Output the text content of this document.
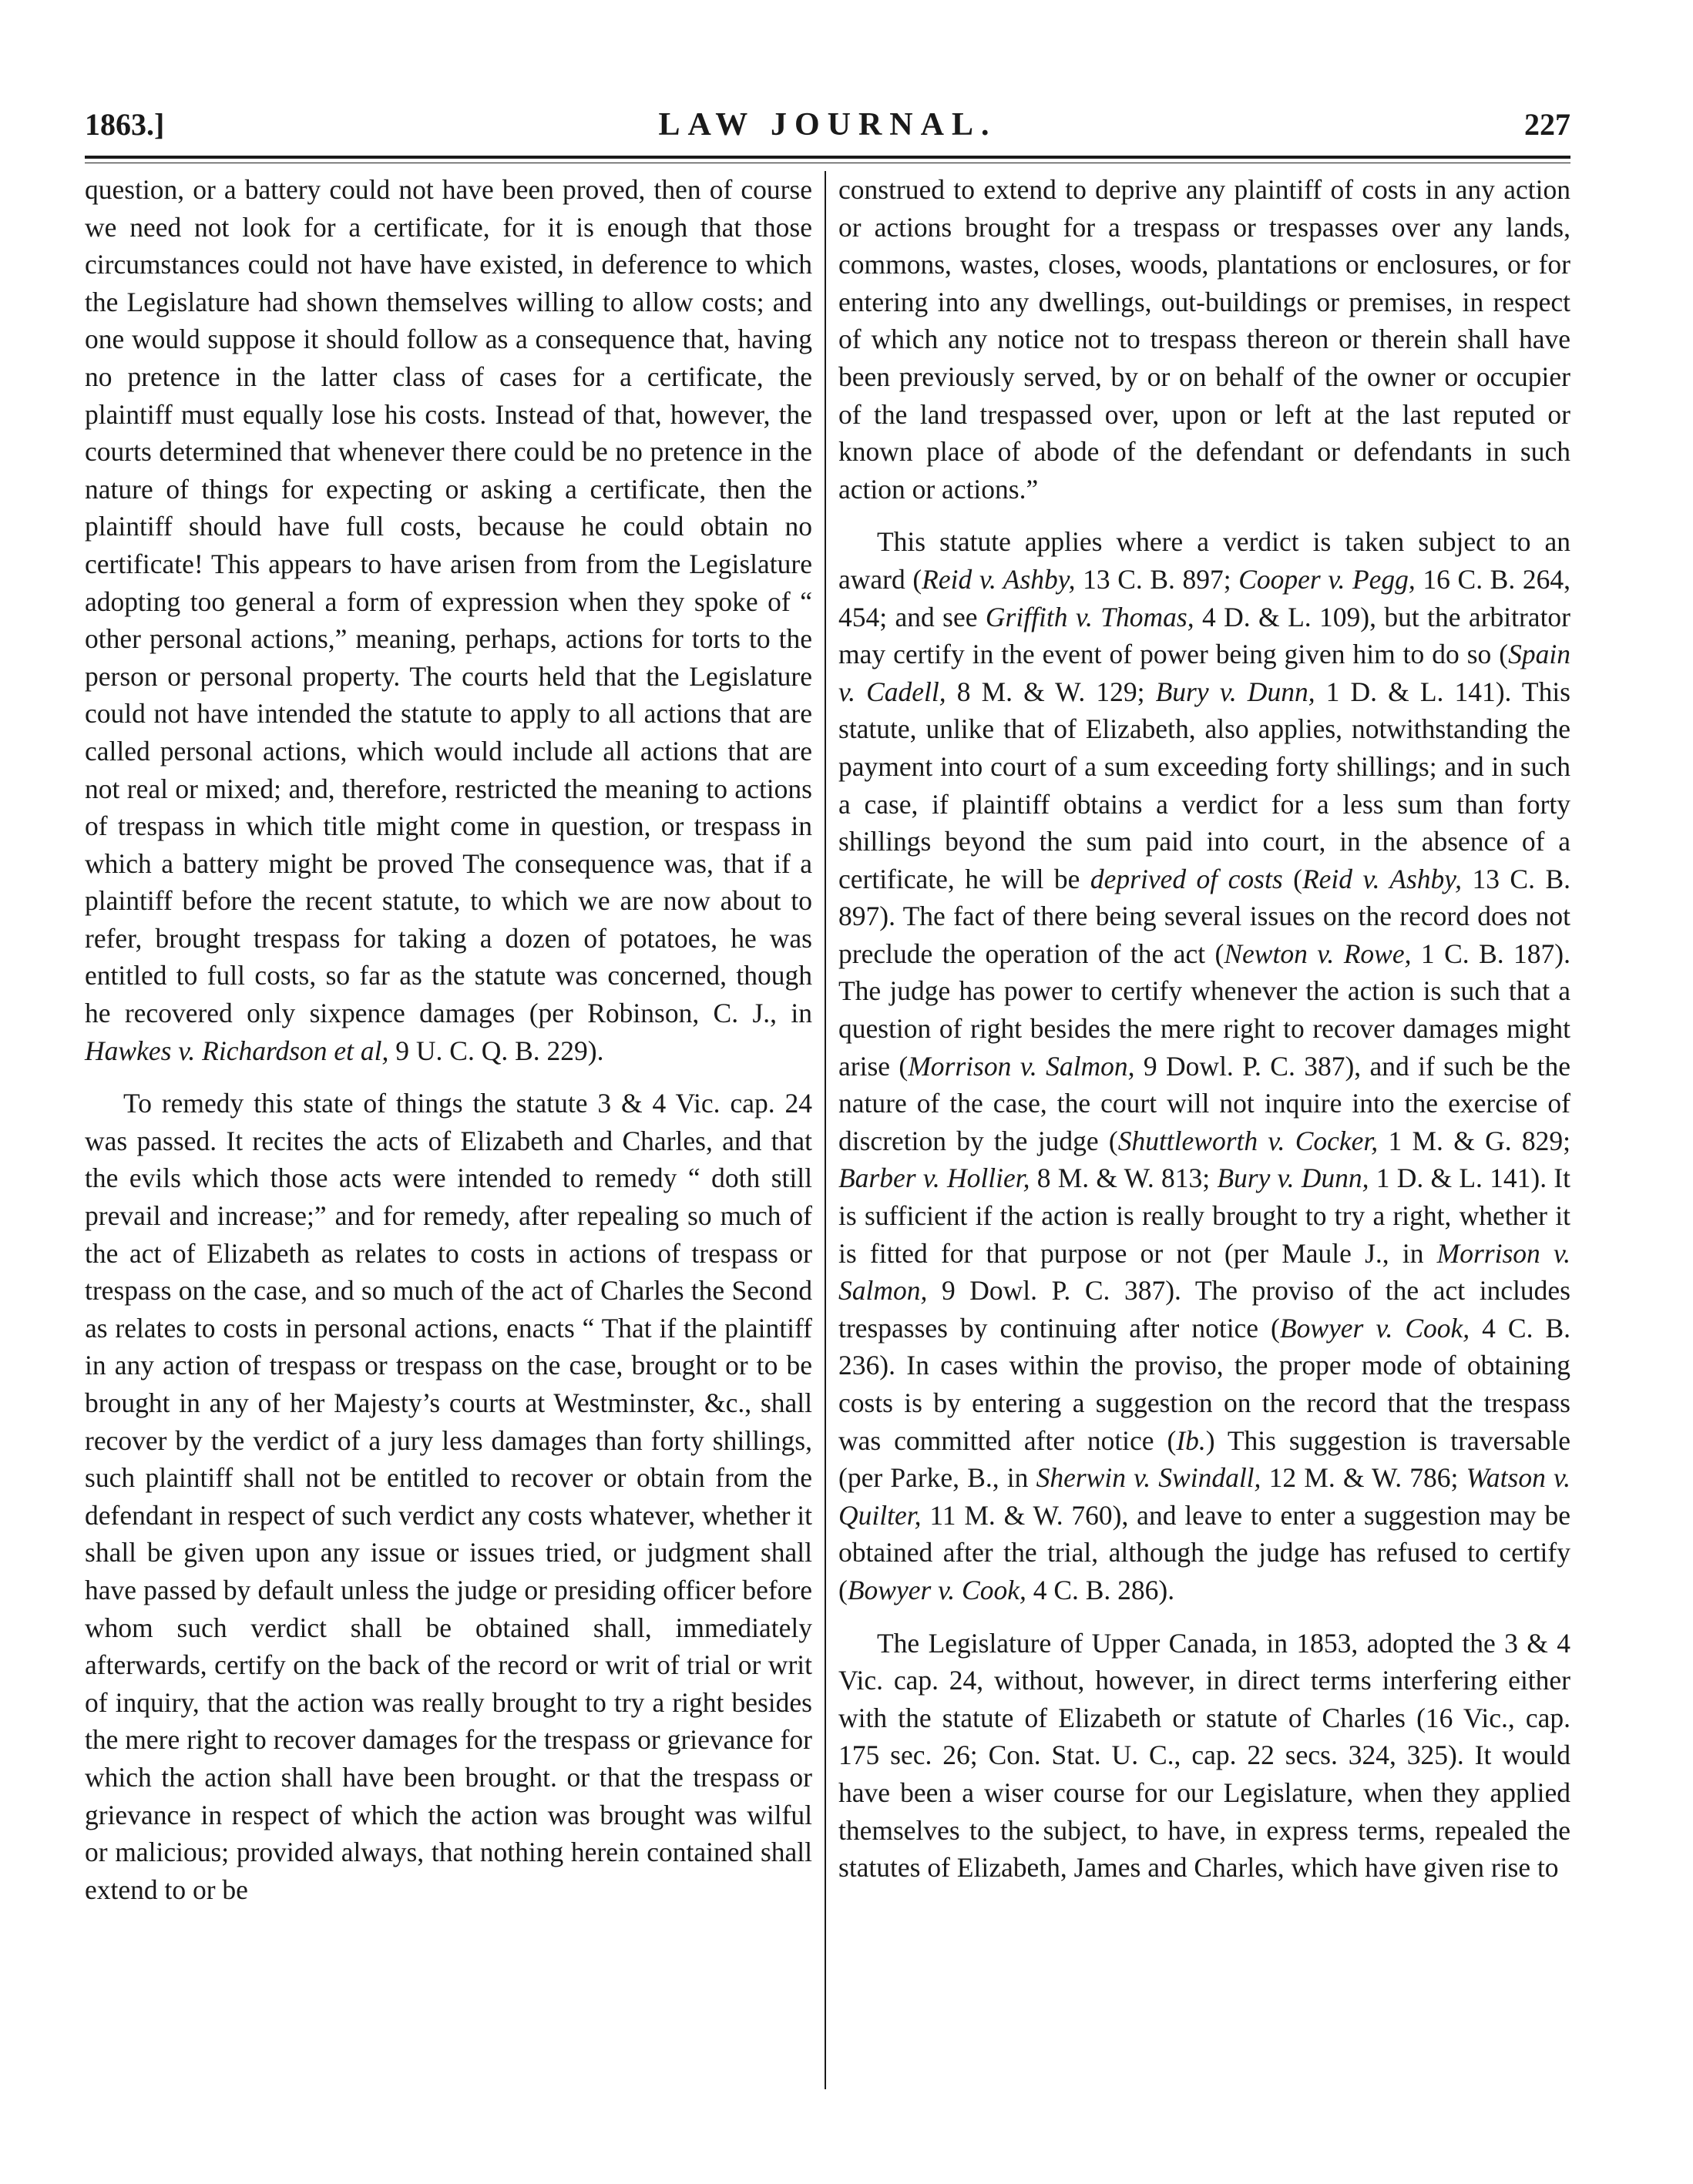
1863.]	LAW JOURNAL.	227

question, or a battery could not have been proved, then of course we need not look for a certificate, for it is enough that those circumstances could not have have existed, in deference to which the Legislature had shown themselves willing to allow costs; and one would suppose it should follow as a consequence that, having no pretence in the latter class of cases for a certificate, the plaintiff must equally lose his costs. Instead of that, however, the courts determined that whenever there could be no pretence in the nature of things for expecting or asking a certificate, then the plaintiff should have full costs, because he could obtain no certificate! This appears to have arisen from from the Legislature adopting too general a form of expression when they spoke of “ other personal actions,” meaning, perhaps, actions for torts to the person or personal property. The courts held that the Legislature could not have intended the statute to apply to all actions that are called personal actions, which would include all actions that are not real or mixed; and, therefore, restricted the meaning to actions of trespass in which title might come in question, or trespass in which a battery might be proved The consequence was, that if a plaintiff before the recent statute, to which we are now about to refer, brought trespass for taking a dozen of potatoes, he was entitled to full costs, so far as the statute was concerned, though he recovered only sixpence damages (per Robinson, C. J., in Hawkes v. Richardson et al, 9 U. C. Q. B. 229).

To remedy this state of things the statute 3 & 4 Vic. cap. 24 was passed. It recites the acts of Elizabeth and Charles, and that the evils which those acts were intended to remedy “ doth still prevail and increase;” and for remedy, after repealing so much of the act of Elizabeth as relates to costs in actions of trespass or trespass on the case, and so much of the act of Charles the Second as relates to costs in personal actions, enacts “ That if the plaintiff in any action of trespass or trespass on the case, brought or to be brought in any of her Majesty’s courts at Westminster, &c., shall recover by the verdict of a jury less damages than forty shillings, such plaintiff shall not be entitled to recover or obtain from the defendant in respect of such verdict any costs whatever, whether it shall be given upon any issue or issues tried, or judgment shall have passed by default unless the judge or presiding officer before whom such verdict shall be obtained shall, immediately afterwards, certify on the back of the record or writ of trial or writ of inquiry, that the action was really brought to try a right besides the mere right to recover damages for the trespass or grievance for which the action shall have been brought. or that the trespass or grievance in respect of which the action was brought was wilful or malicious; provided always, that nothing herein contained shall extend to or be

construed to extend to deprive any plaintiff of costs in any action or actions brought for a trespass or trespasses over any lands, commons, wastes, closes, woods, plantations or enclosures, or for entering into any dwellings, out-buildings or premises, in respect of which any notice not to trespass thereon or therein shall have been previously served, by or on behalf of the owner or occupier of the land trespassed over, upon or left at the last reputed or known place of abode of the defendant or defendants in such action or actions.”

This statute applies where a verdict is taken subject to an award (Reid v. Ashby, 13 C. B. 897; Cooper v. Pegg, 16 C. B. 264, 454; and see Griffith v. Thomas, 4 D. & L. 109), but the arbitrator may certify in the event of power being given him to do so (Spain v. Cadell, 8 M. & W. 129; Bury v. Dunn, 1 D. & L. 141). This statute, unlike that of Elizabeth, also applies, notwithstanding the payment into court of a sum exceeding forty shillings; and in such a case, if plaintiff obtains a verdict for a less sum than forty shillings beyond the sum paid into court, in the absence of a certificate, he will be deprived of costs (Reid v. Ashby, 13 C. B. 897). The fact of there being several issues on the record does not preclude the operation of the act (Newton v. Rowe, 1 C. B. 187). The judge has power to certify whenever the action is such that a question of right besides the mere right to recover damages might arise (Morrison v. Salmon, 9 Dowl. P. C. 387), and if such be the nature of the case, the court will not inquire into the exercise of discretion by the judge (Shuttleworth v. Cocker, 1 M. & G. 829; Barber v. Hollier, 8 M. & W. 813; Bury v. Dunn, 1 D. & L. 141). It is sufficient if the action is really brought to try a right, whether it is fitted for that purpose or not (per Maule J., in Morrison v. Salmon, 9 Dowl. P. C. 387). The proviso of the act includes trespasses by continuing after notice (Bowyer v. Cook, 4 C. B. 236). In cases within the proviso, the proper mode of obtaining costs is by entering a suggestion on the record that the trespass was committed after notice (Ib.) This suggestion is traversable (per Parke, B., in Sherwin v. Swindall, 12 M. & W. 786; Watson v. Quilter, 11 M. & W. 760), and leave to enter a suggestion may be obtained after the trial, although the judge has refused to certify (Bowyer v. Cook, 4 C. B. 286).

The Legislature of Upper Canada, in 1853, adopted the 3 & 4 Vic. cap. 24, without, however, in direct terms interfering either with the statute of Elizabeth or statute of Charles (16 Vic., cap. 175 sec. 26; Con. Stat. U. C., cap. 22 secs. 324, 325). It would have been a wiser course for our Legislature, when they applied themselves to the subject, to have, in express terms, repealed the statutes of Elizabeth, James and Charles, which have given rise to
